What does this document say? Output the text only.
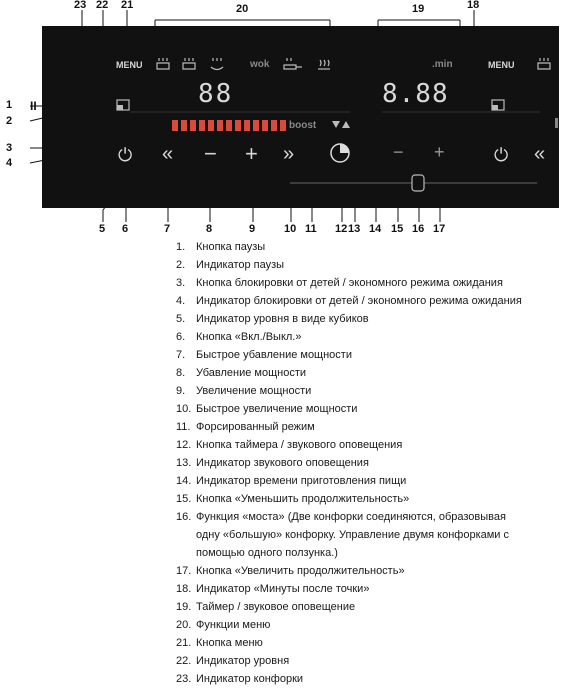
23 22 21	20	19	18
1
2
3
4
5 6	7	8	9	10 11 12 13 14 15 16 17
II
MENU	wok	.min	MENU
88	8.88
boost
⏻ « − + »	− +	⏻ «
1. Кнопка паузы
2. Индикатор паузы
3. Кнопка блокировки от детей / экономного режима ожидания
4. Индикатор блокировки от детей / экономного режима ожидания
5. Индикатор уровня в виде кубиков
6. Кнопка «Вкл./Выкл.»
7. Быстрое убавление мощности
8. Убавление мощности
9. Увеличение мощности
10. Быстрое увеличение мощности
11. Форсированный режим
12. Кнопка таймера / звукового оповещения
13. Индикатор звукового оповещения
14. Индикатор времени приготовления пищи
15. Кнопка «Уменьшить продолжительность»
16. Функция «моста» (Две конфорки соединяются, образовывая
одну «большую» конфорку. Управление двумя конфорками с
помощью одного ползунка.)
17. Кнопка «Увеличить продолжительность»
18. Индикатор «Минуты после точки»
19. Таймер / звуковое оповещение
20. Функции меню
21. Кнопка меню
22. Индикатор уровня
23. Индикатор конфорки
